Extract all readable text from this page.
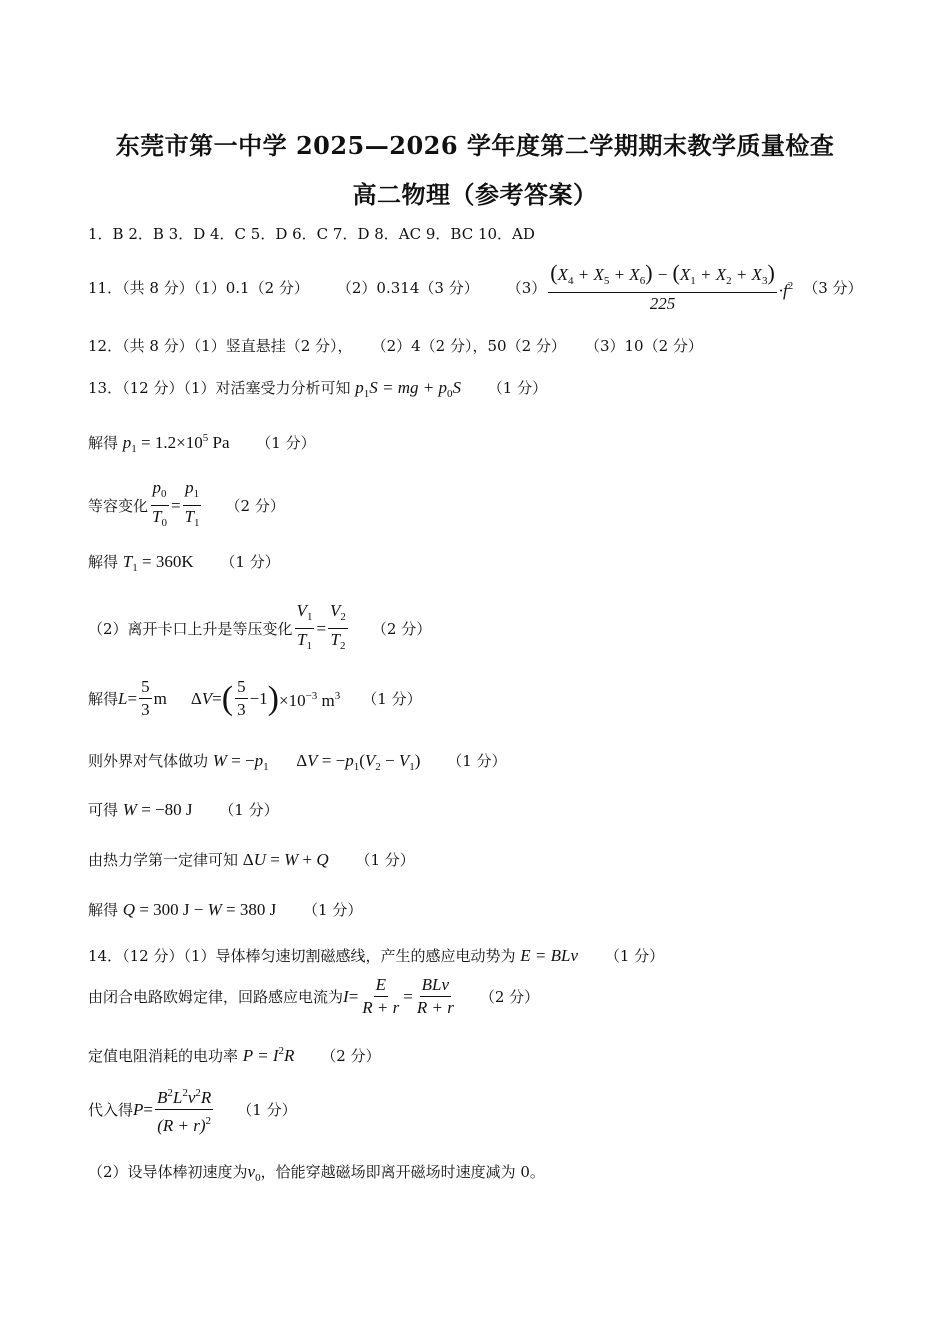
东莞市第一中学 2025—2026 学年度第二学期期末教学质量检查
高二物理（参考答案）
1．B 2．B 3．D 4．C 5．D 6．C 7．D 8．AC 9．BC 10．AD
11．（共 8 分）（1）0.1（2 分） （2）0.314（3 分） $(3) \frac{(X_4 + X_5 + X_6) - (X_1 + X_2 + X_3)}{225} \cdot f^2$ （3 分）
12．（共 8 分）（1）竖直悬挂（2 分），    （2）4（2 分），50（2 分）    （3）10（2 分）
13．（12 分）（1）对活塞受力分析可知 $p_1S$ = mg + $p_0S$ （1 分）
解得 $p_1 = 1.2\times 10^5$ Pa （1 分）
等容变化 $\frac{p_0}{T_0} = \frac{p_1}{T_1} (2$ 分）
解得 $T_1 = 360K$ （1 分）
（2）离开卡口上升是等压变化 $\frac{V_1}{T_1} = \frac{V_2}{T_2} (2$ 分）
解得 $L = \frac{5}{3}$ m Δ V = ( $\frac{5}{3} -1$ ) $\times 10^{-3}$ $m^3$ （1 分）
则外界对气体做功 $W = -p_1$ $\Delta V = -p_1(V_2 - V_1)$ （1 分）
可得 W = −80 J （1 分）
由热力学第一定律可知 ΔU = W + Q （1 分）
解得 Q = 300 J − W = 380 J （1 分）
14．（12 分）（1）导体棒匀速切割磁感线，产生的感应电动势为 E = BLv （1 分）
由闭合电路欧姆定律，回路感应电流为 $I = \frac{E}{R + r} = \frac{\text{BLv}}{R + r} (2$ 分）
定值电阻消耗的电功率 $P = I^2R$ （2 分）
代入得 $P = \frac{B^2L^2v^2R}{(R + r)^2} (1$ 分）
（2）设导体棒初速度为$v_0$，恰能穿越磁场即离开磁场时速度减为 0。
